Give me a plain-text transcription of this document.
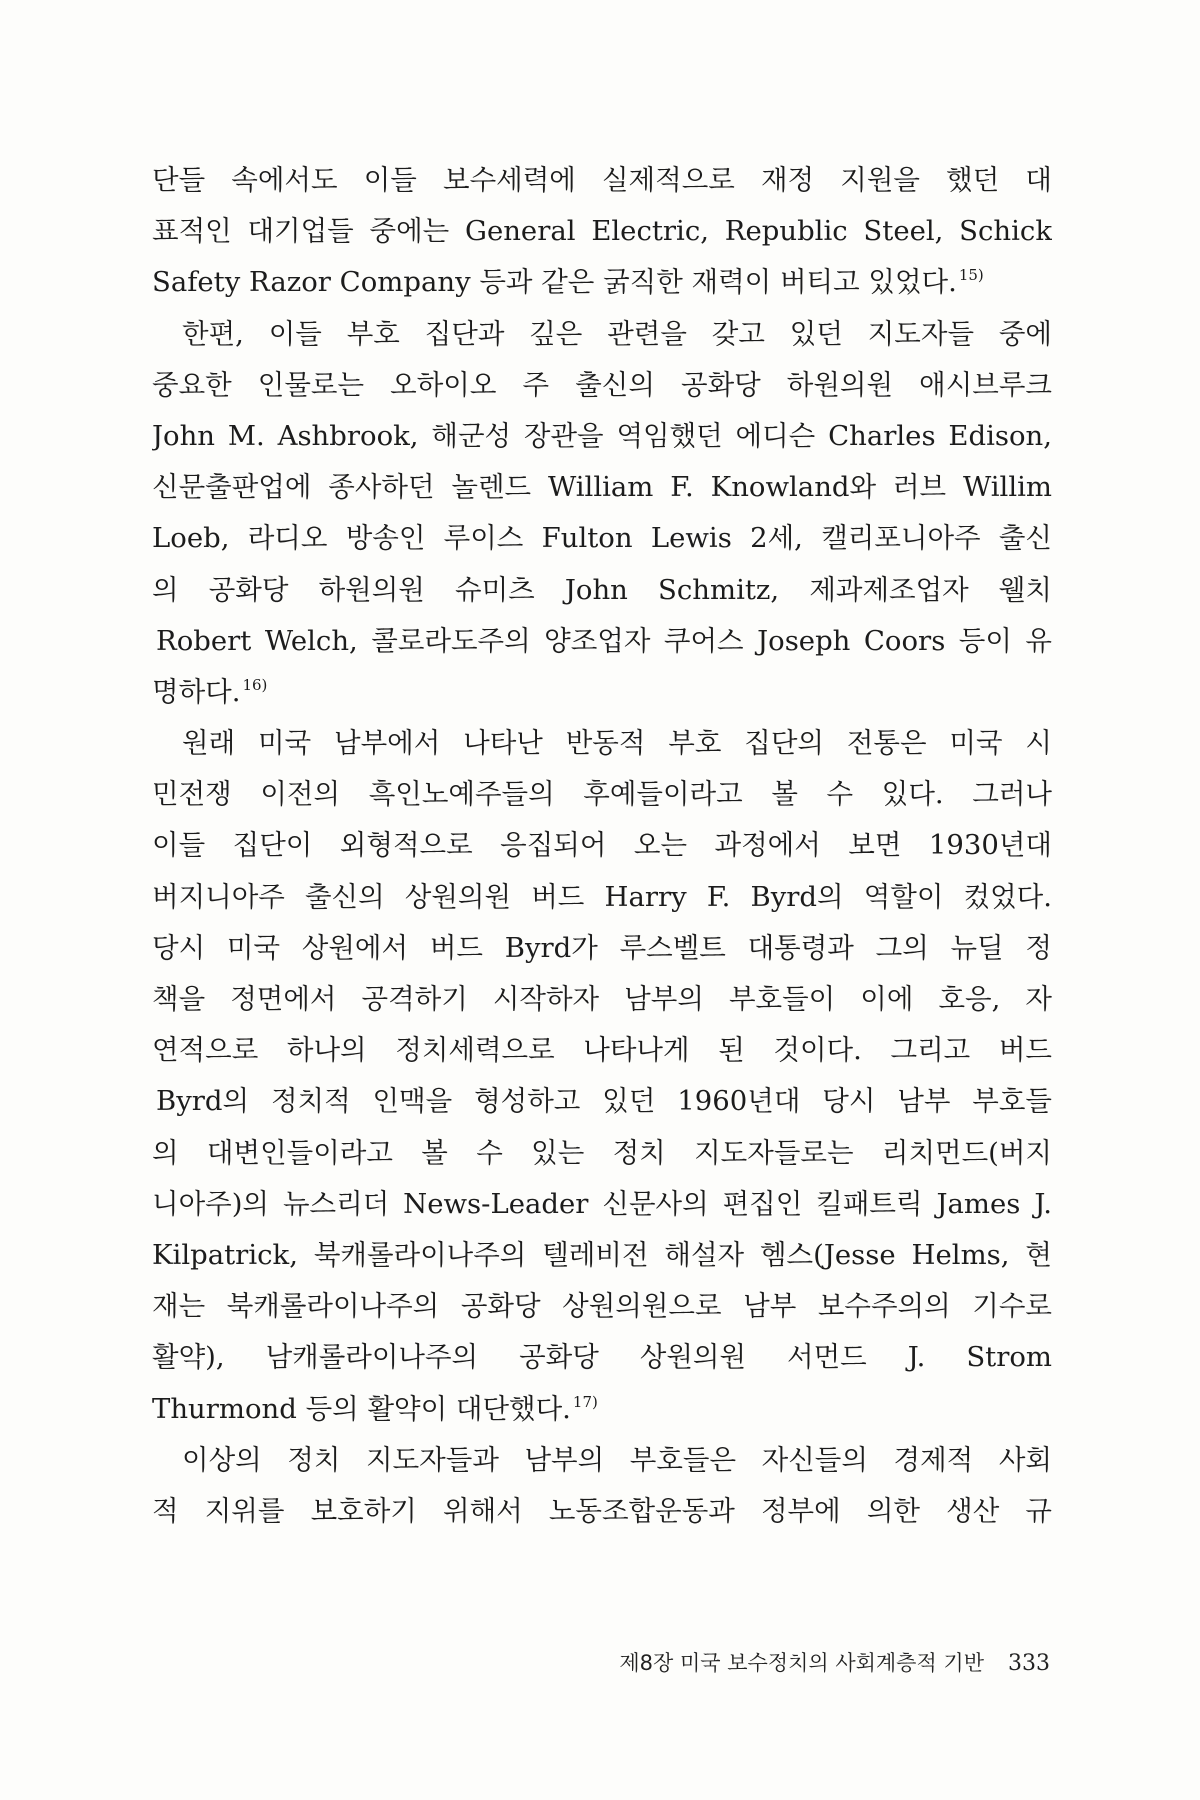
단들 속에서도 이들 보수세력에 실제적으로 재정 지원을 했던 대
표적인 대기업들 중에는 General Electric, Republic Steel, Schick
Safety Razor Company 등과 같은 굵직한 재력이 버티고 있었다. $^{15)}$
한편, 이들 부호 집단과 깊은 관련을 갖고 있던 지도자들 중에
중요한 인물로는 오하이오 주 출신의 공화당 하원의원 애시브루크
John M. Ashbrook, 해군성 장관을 역임했던 에디슨 Charles Edison,
신문출판업에 종사하던 놀렌드 William F. Knowland와 러브 Willim
Loeb, 라디오 방송인 루이스 Fulton Lewis 2세, 캘리포니아주 출신
의 공화당 하원의원 슈미츠 John Schmitz, 제과제조업자 웰치
Robert Welch, 콜로라도주의 양조업자 쿠어스 Joseph Coors 등이 유
명하다. $^{16)}$
원래 미국 남부에서 나타난 반동적 부호 집단의 전통은 미국 시
민전쟁 이전의 흑인노예주들의 후예들이라고 볼 수 있다. 그러나
이들 집단이 외형적으로 응집되어 오는 과정에서 보면 1930년대
버지니아주 출신의 상원의원 버드 Harry F. Byrd의 역할이 컸었다.
당시 미국 상원에서 버드 Byrd가 루스벨트 대통령과 그의 뉴딜 정
책을 정면에서 공격하기 시작하자 남부의 부호들이 이에 호응, 자
연적으로 하나의 정치세력으로 나타나게 된 것이다. 그리고 버드
Byrd의 정치적 인맥을 형성하고 있던 1960년대 당시 남부 부호들
의 대변인들이라고 볼 수 있는 정치 지도자들로는 리치먼드(버지
니아주)의 뉴스리더 News-Leader 신문사의 편집인 킬패트릭 James J.
Kilpatrick, 북캐롤라이나주의 텔레비전 해설자 헴스(Jesse Helms, 현
재는 북캐롤라이나주의 공화당 상원의원으로 남부 보수주의의 기수로
활약), 남캐롤라이나주의 공화당 상원의원 서먼드 J. Strom
Thurmond 등의 활약이 대단했다. $^{17)}$
이상의 정치 지도자들과 남부의 부호들은 자신들의 경제적 사회
적 지위를 보호하기 위해서 노동조합운동과 정부에 의한 생산 규
제8장 미국 보수정치의 사회계층적 기반 333
